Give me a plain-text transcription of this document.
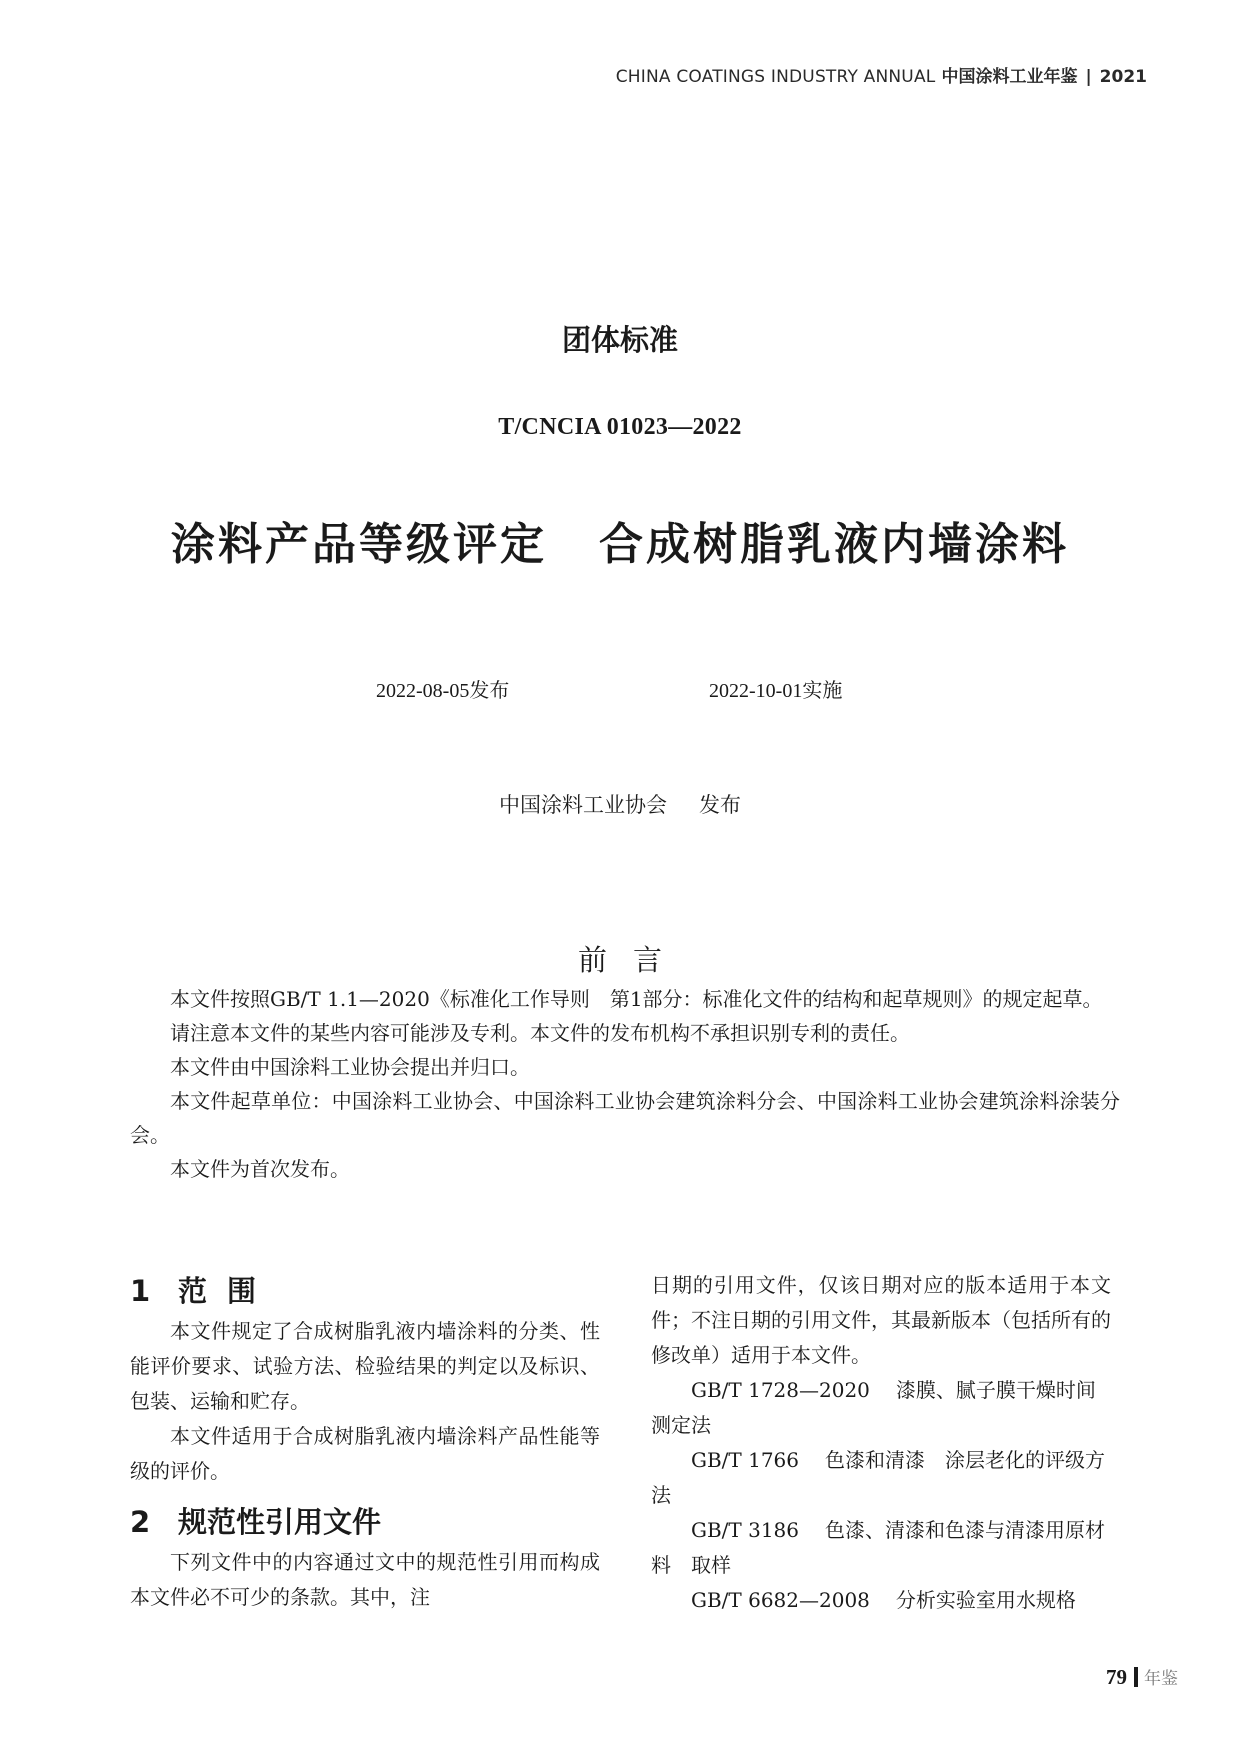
CHINA COATINGS INDUSTRY ANNUAL 中国涂料工业年鉴 | 2021
团体标准
T/CNCIA 01023—2022
涂料产品等级评定 合成树脂乳液内墙涂料
2022-08-05发布	2022-10-01实施
中国涂料工业协会 发布
前言

本文件按照GB/T 1.1—2020《标准化工作导则　第1部分：标准化文件的结构和起草规则》的规定起草。

请注意本文件的某些内容可能涉及专利。本文件的发布机构不承担识别专利的责任。

本文件由中国涂料工业协会提出并归口。

本文件起草单位：中国涂料工业协会、中国涂料工业协会建筑涂料分会、中国涂料工业协会建筑涂料涂装分会。

本文件为首次发布。

1 范围

本文件规定了合成树脂乳液内墙涂料的分类、性能评价要求、试验方法、检验结果的判定以及标识、包装、运输和贮存。

本文件适用于合成树脂乳液内墙涂料产品性能等级的评价。

2 规范性引用文件

下列文件中的内容通过文中的规范性引用而构成本文件必不可少的条款。其中，注

日期的引用文件，仅该日期对应的版本适用于本文件；不注日期的引用文件，其最新版本（包括所有的修改单）适用于本文件。

GB/T 1728—2020 漆膜、腻子膜干燥时间测定法

GB/T 1766 色漆和清漆　涂层老化的评级方法

GB/T 3186 色漆、清漆和色漆与清漆用原材料　取样

GB/T 6682—2008 分析实验室用水规格

79 年鉴
